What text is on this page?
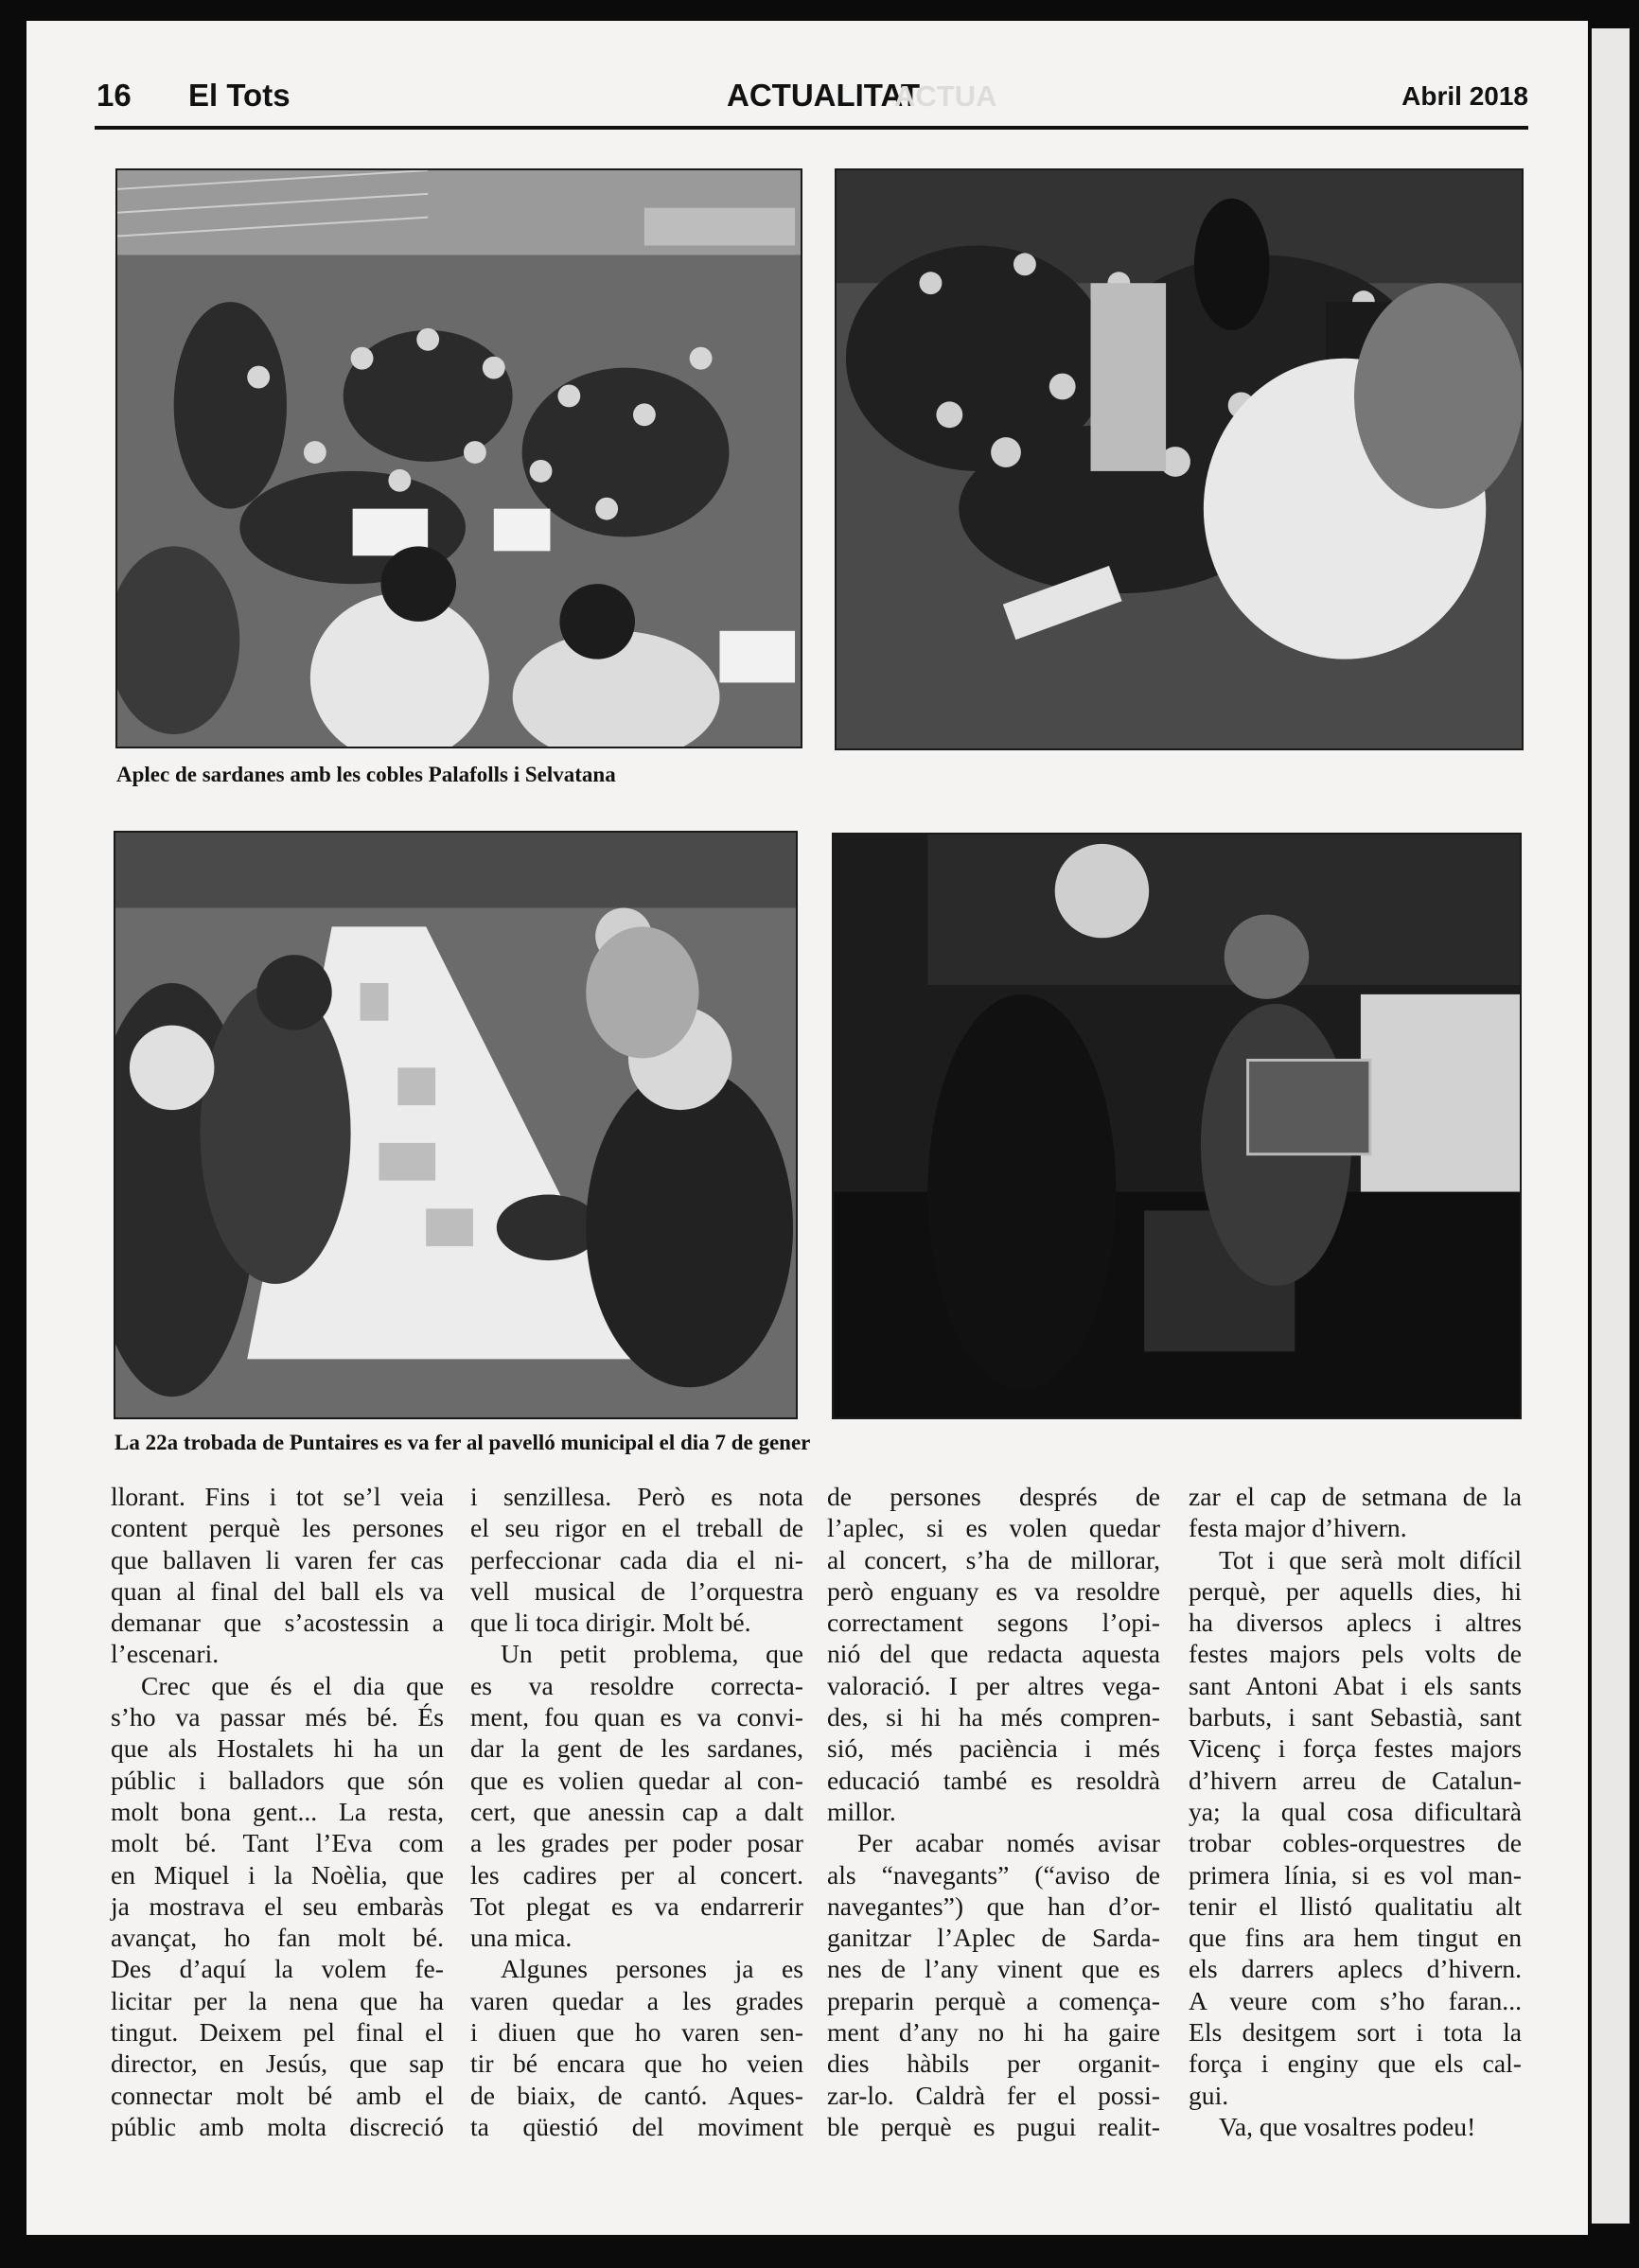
16 El Tots	ACTUALITAT
ACTUA	Abril 2018
Aplec de sardanes amb les cobles Palafolls i Selvatana
La 22a trobada de Puntaires es va fer al pavelló municipal el dia 7 de gener

llorant. Fins i tot se’l veia
content perquè les persones
que ballaven li varen fer cas
quan al final del ball els va
demanar que s’acostessin a
l’escenari.

Crec que és el dia que
s’ho va passar més bé. És
que als Hostalets hi ha un
públic i balladors que són
molt bona gent... La resta,
molt bé. Tant l’Eva com
en Miquel i la Noèlia, que
ja mostrava el seu embaràs
avançat, ho fan molt bé.
Des d’aquí la volem fe-
licitar per la nena que ha
tingut. Deixem pel final el
director, en Jesús, que sap
connectar molt bé amb el
públic amb molta discreció

i senzillesa. Però es nota
el seu rigor en el treball de
perfeccionar cada dia el ni-
vell musical de l’orquestra
que li toca dirigir. Molt bé.

Un petit problema, que
es va resoldre correcta-
ment, fou quan es va convi-
dar la gent de les sardanes,
que es volien quedar al con-
cert, que anessin cap a dalt
a les grades per poder posar
les cadires per al concert.
Tot plegat es va endarrerir
una mica.

Algunes persones ja es
varen quedar a les grades
i diuen que ho varen sen-
tir bé encara que ho veien
de biaix, de cantó. Aques-
ta qüestió del moviment

de persones després de
l’aplec, si es volen quedar
al concert, s’ha de millorar,
però enguany es va resoldre
correctament segons l’opi-
nió del que redacta aquesta
valoració. I per altres vega-
des, si hi ha més compren-
sió, més paciència i més
educació també es resoldrà
millor.

Per acabar només avisar
als “navegants” (“aviso de
navegantes”) que han d’or-
ganitzar l’Aplec de Sarda-
nes de l’any vinent que es
preparin perquè a comença-
ment d’any no hi ha gaire
dies hàbils per organit-
zar-lo. Caldrà fer el possi-
ble perquè es pugui realit-

zar el cap de setmana de la
festa major d’hivern.

Tot i que serà molt difícil
perquè, per aquells dies, hi
ha diversos aplecs i altres
festes majors pels volts de
sant Antoni Abat i els sants
barbuts, i sant Sebastià, sant
Vicenç i força festes majors
d’hivern arreu de Catalun-
ya; la qual cosa dificultarà
trobar cobles-orquestres de
primera línia, si es vol man-
tenir el llistó qualitatiu alt
que fins ara hem tingut en
els darrers aplecs d’hivern.
A veure com s’ho faran...
Els desitgem sort i tota la
força i enginy que els cal-
gui.

Va, que vosaltres podeu!
